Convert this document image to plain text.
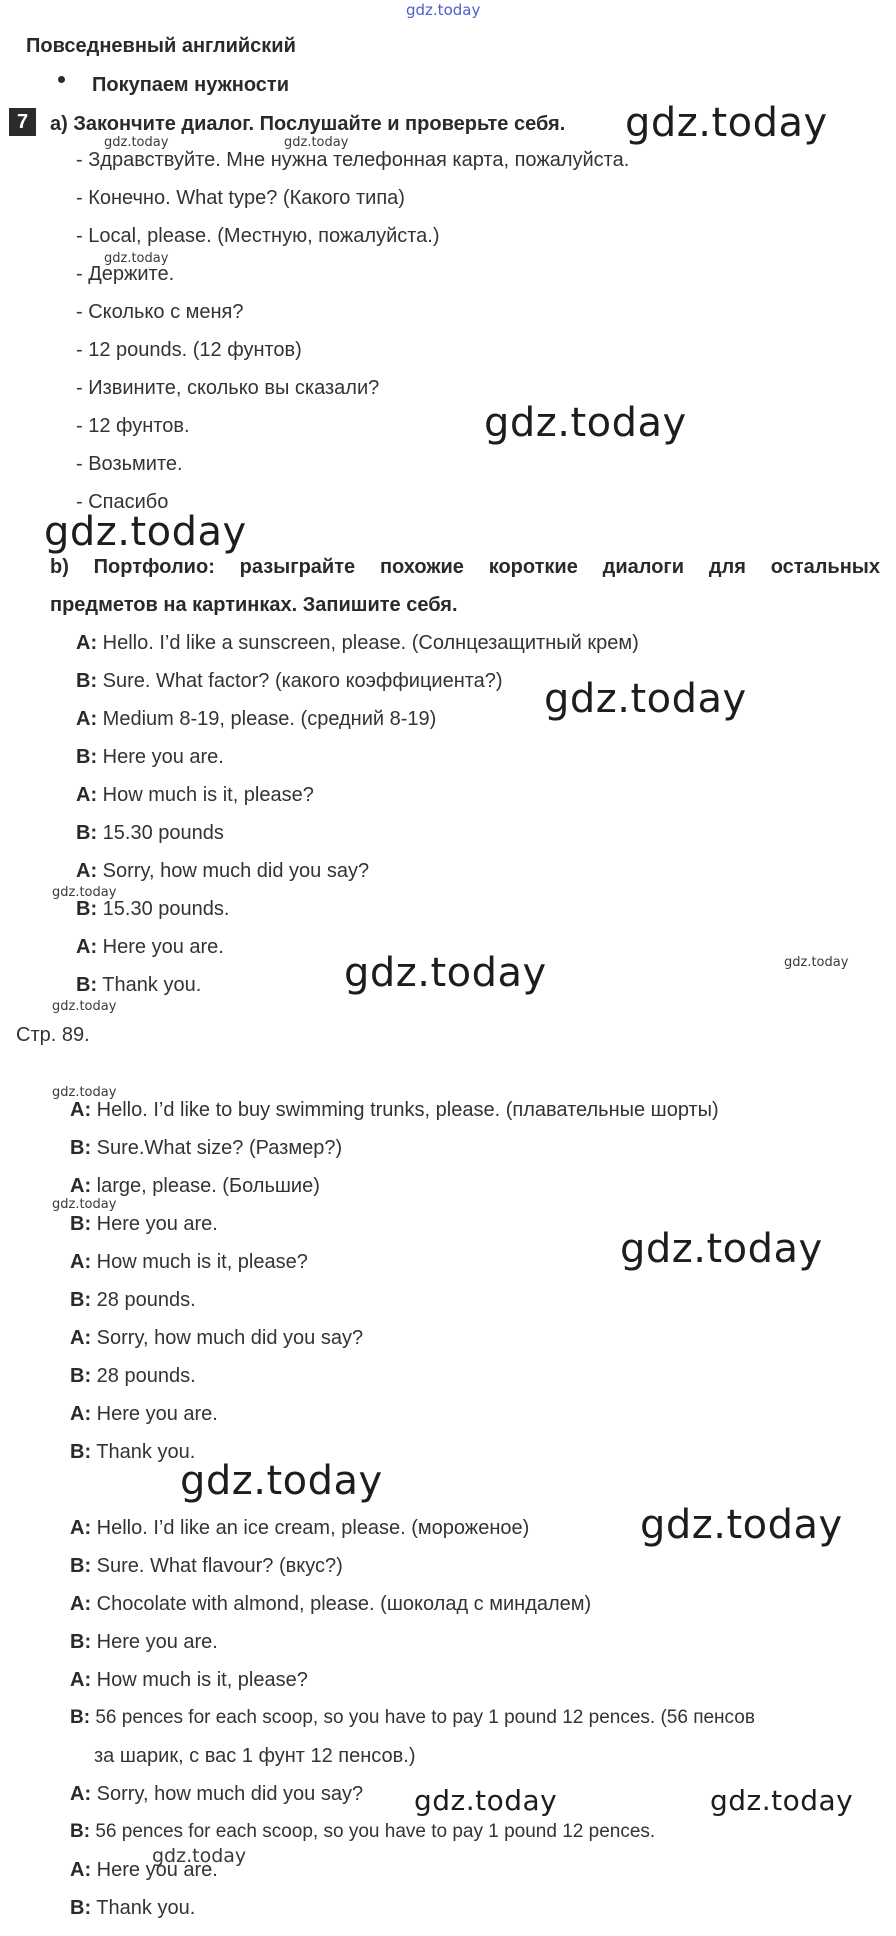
gdz.today
Повседневный английский
Покупаем нужности
7	a) Закончите диалог. Послушайте и проверьте себя.
- Здравствуйте. Мне нужна телефонная карта, пожалуйста.
- Конечно. What type? (Какого типа)
- Local, please. (Местную, пожалуйста.)
- Держите.
- Сколько с меня?
- 12 pounds. (12 фунтов)
- Извините, сколько вы сказали?
- 12 фунтов.
- Возьмите.
- Спасибо
b) Портфолио: разыграйте похожие короткие диалоги для остальных
предметов на картинках. Запишите себя.
A: Hello. I’d like a sunscreen, please. (Солнцезащитный крем)
B: Sure. What factor? (какого коэффициента?)
A: Medium 8-19, please. (средний 8-19)
B: Here you are.
A: How much is it, please?
B: 15.30 pounds
A: Sorry, how much did you say?
B: 15.30 pounds.
A: Here you are.
B: Thank you.
Стр. 89.
A: Hello. I’d like to buy swimming trunks, please. (плавательные шорты)
B: Sure.What size? (Размер?)
A: large, please. (Большие)
B: Here you are.
A: How much is it, please?
B: 28 pounds.
A: Sorry, how much did you say?
B: 28 pounds.
A: Here you are.
B: Thank you.
A: Hello. I’d like an ice cream, please. (мороженое)
B: Sure. What flavour? (вкус?)
A: Chocolate with almond, please. (шоколад с миндалем)
B: Here you are.
A: How much is it, please?
B: 56 pences for each scoop, so you have to pay 1 pound 12 pences. (56 пенсов
за шарик, с вас 1 фунт 12 пенсов.)
A: Sorry, how much did you say?
B: 56 pences for each scoop, so you have to pay 1 pound 12 pences.
A: Here you are.
B: Thank you.
gdz.today
gdz.today
gdz.today
gdz.today
gdz.today
gdz.today
gdz.today
gdz.today
gdz.today	gdz.today
gdz.today	gdz.today
gdz.today
gdz.today
gdz.today
gdz.today
gdz.today
gdz.today
gdz.today
